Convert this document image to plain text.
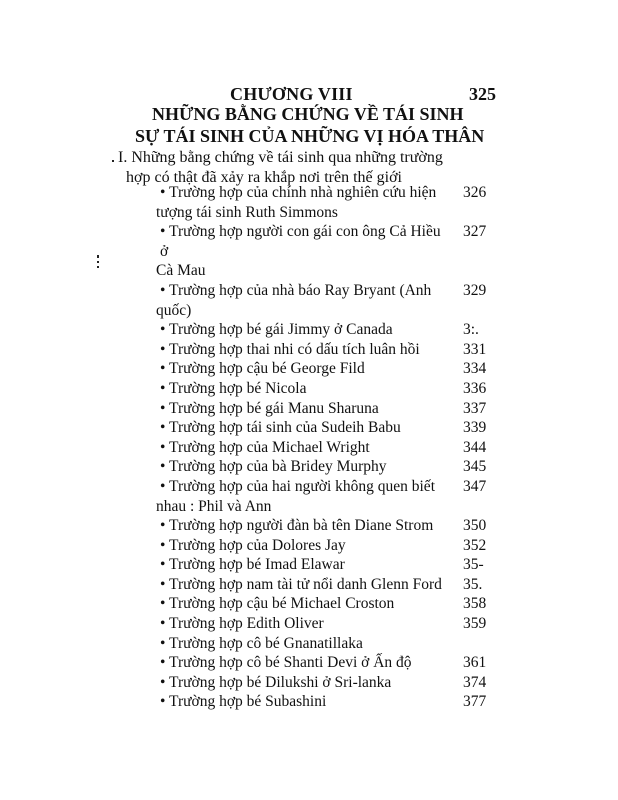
CHƯƠNG VIII	325
NHỮNG BẰNG CHỨNG VỀ TÁI SINH
SỰ TÁI SINH CỦA NHỮNG VỊ HÓA THÂN
I. Những bằng chứng về tái sinh qua những trường
hợp có thật đã xảy ra khắp nơi trên thế giới
• Trường hợp của chính nhà nghiên cứu hiện
tượng tái sinh Ruth Simmons
326
• Trường hợp người con gái con ông Cả Hiều ở
Cà Mau
327
• Trường hợp của nhà báo Ray Bryant (Anh
quốc)
329
• Trường hợp bé gái Jimmy ở Canada	3:.
• Trường hợp thai nhi có dấu tích luân hồi	331
• Trường hợp cậu bé George Fild	334
• Trường hợp bé Nicola	336
• Trường hợp bé gái Manu Sharuna	337
• Trường hợp tái sinh của Sudeih Babu	339
• Trường hợp của Michael Wright	344
• Trường hợp của bà Bridey Murphy	345
• Trường hợp của hai người không quen biết
nhau : Phil và Ann
347
• Trường hợp người đàn bà tên Diane Strom	350
• Trường hợp của Dolores Jay	352
• Trường hợp bé Imad Elawar	35-
• Trường hợp nam tài tử nổi danh Glenn Ford 35.
• Trường hợp cậu bé Michael Croston	358
• Trường hợp Edith Oliver	359
• Trường hợp cô bé Gnanatillaka
• Trường hợp cô bé Shanti Devi ở Ấn độ	361
• Trường hợp bé Dilukshi ở Sri-lanka	374
• Trường hợp bé Subashini	377
